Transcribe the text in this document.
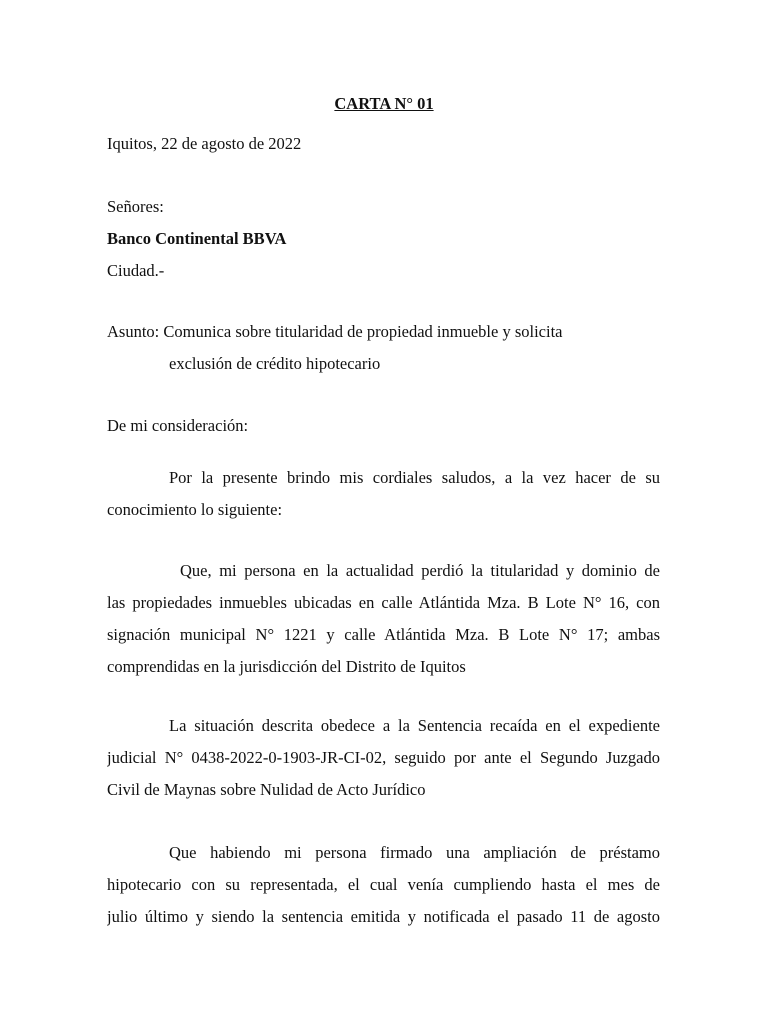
CARTA N° 01
Iquitos, 22 de agosto de 2022
Señores:
Banco Continental BBVA
Ciudad.-
Asunto: Comunica sobre titularidad de propiedad inmueble y solicita
exclusión de crédito hipotecario
De mi consideración:
Por la presente brindo mis cordiales saludos, a la vez hacer de su
conocimiento lo siguiente:
Que, mi persona en la actualidad perdió la titularidad y dominio de
las propiedades inmuebles ubicadas en calle Atlántida Mza. B Lote N° 16, con
signación municipal N° 1221 y calle Atlántida Mza. B Lote N° 17; ambas
comprendidas en la jurisdicción del Distrito de Iquitos
La situación descrita obedece a la Sentencia recaída en el expediente
judicial N° 0438-2022-0-1903-JR-CI-02, seguido por ante el Segundo Juzgado
Civil de Maynas sobre Nulidad de Acto Jurídico
Que habiendo mi persona firmado una ampliación de préstamo
hipotecario con su representada, el cual venía cumpliendo hasta el mes de
julio último y siendo la sentencia emitida y notificada el pasado 11 de agosto
